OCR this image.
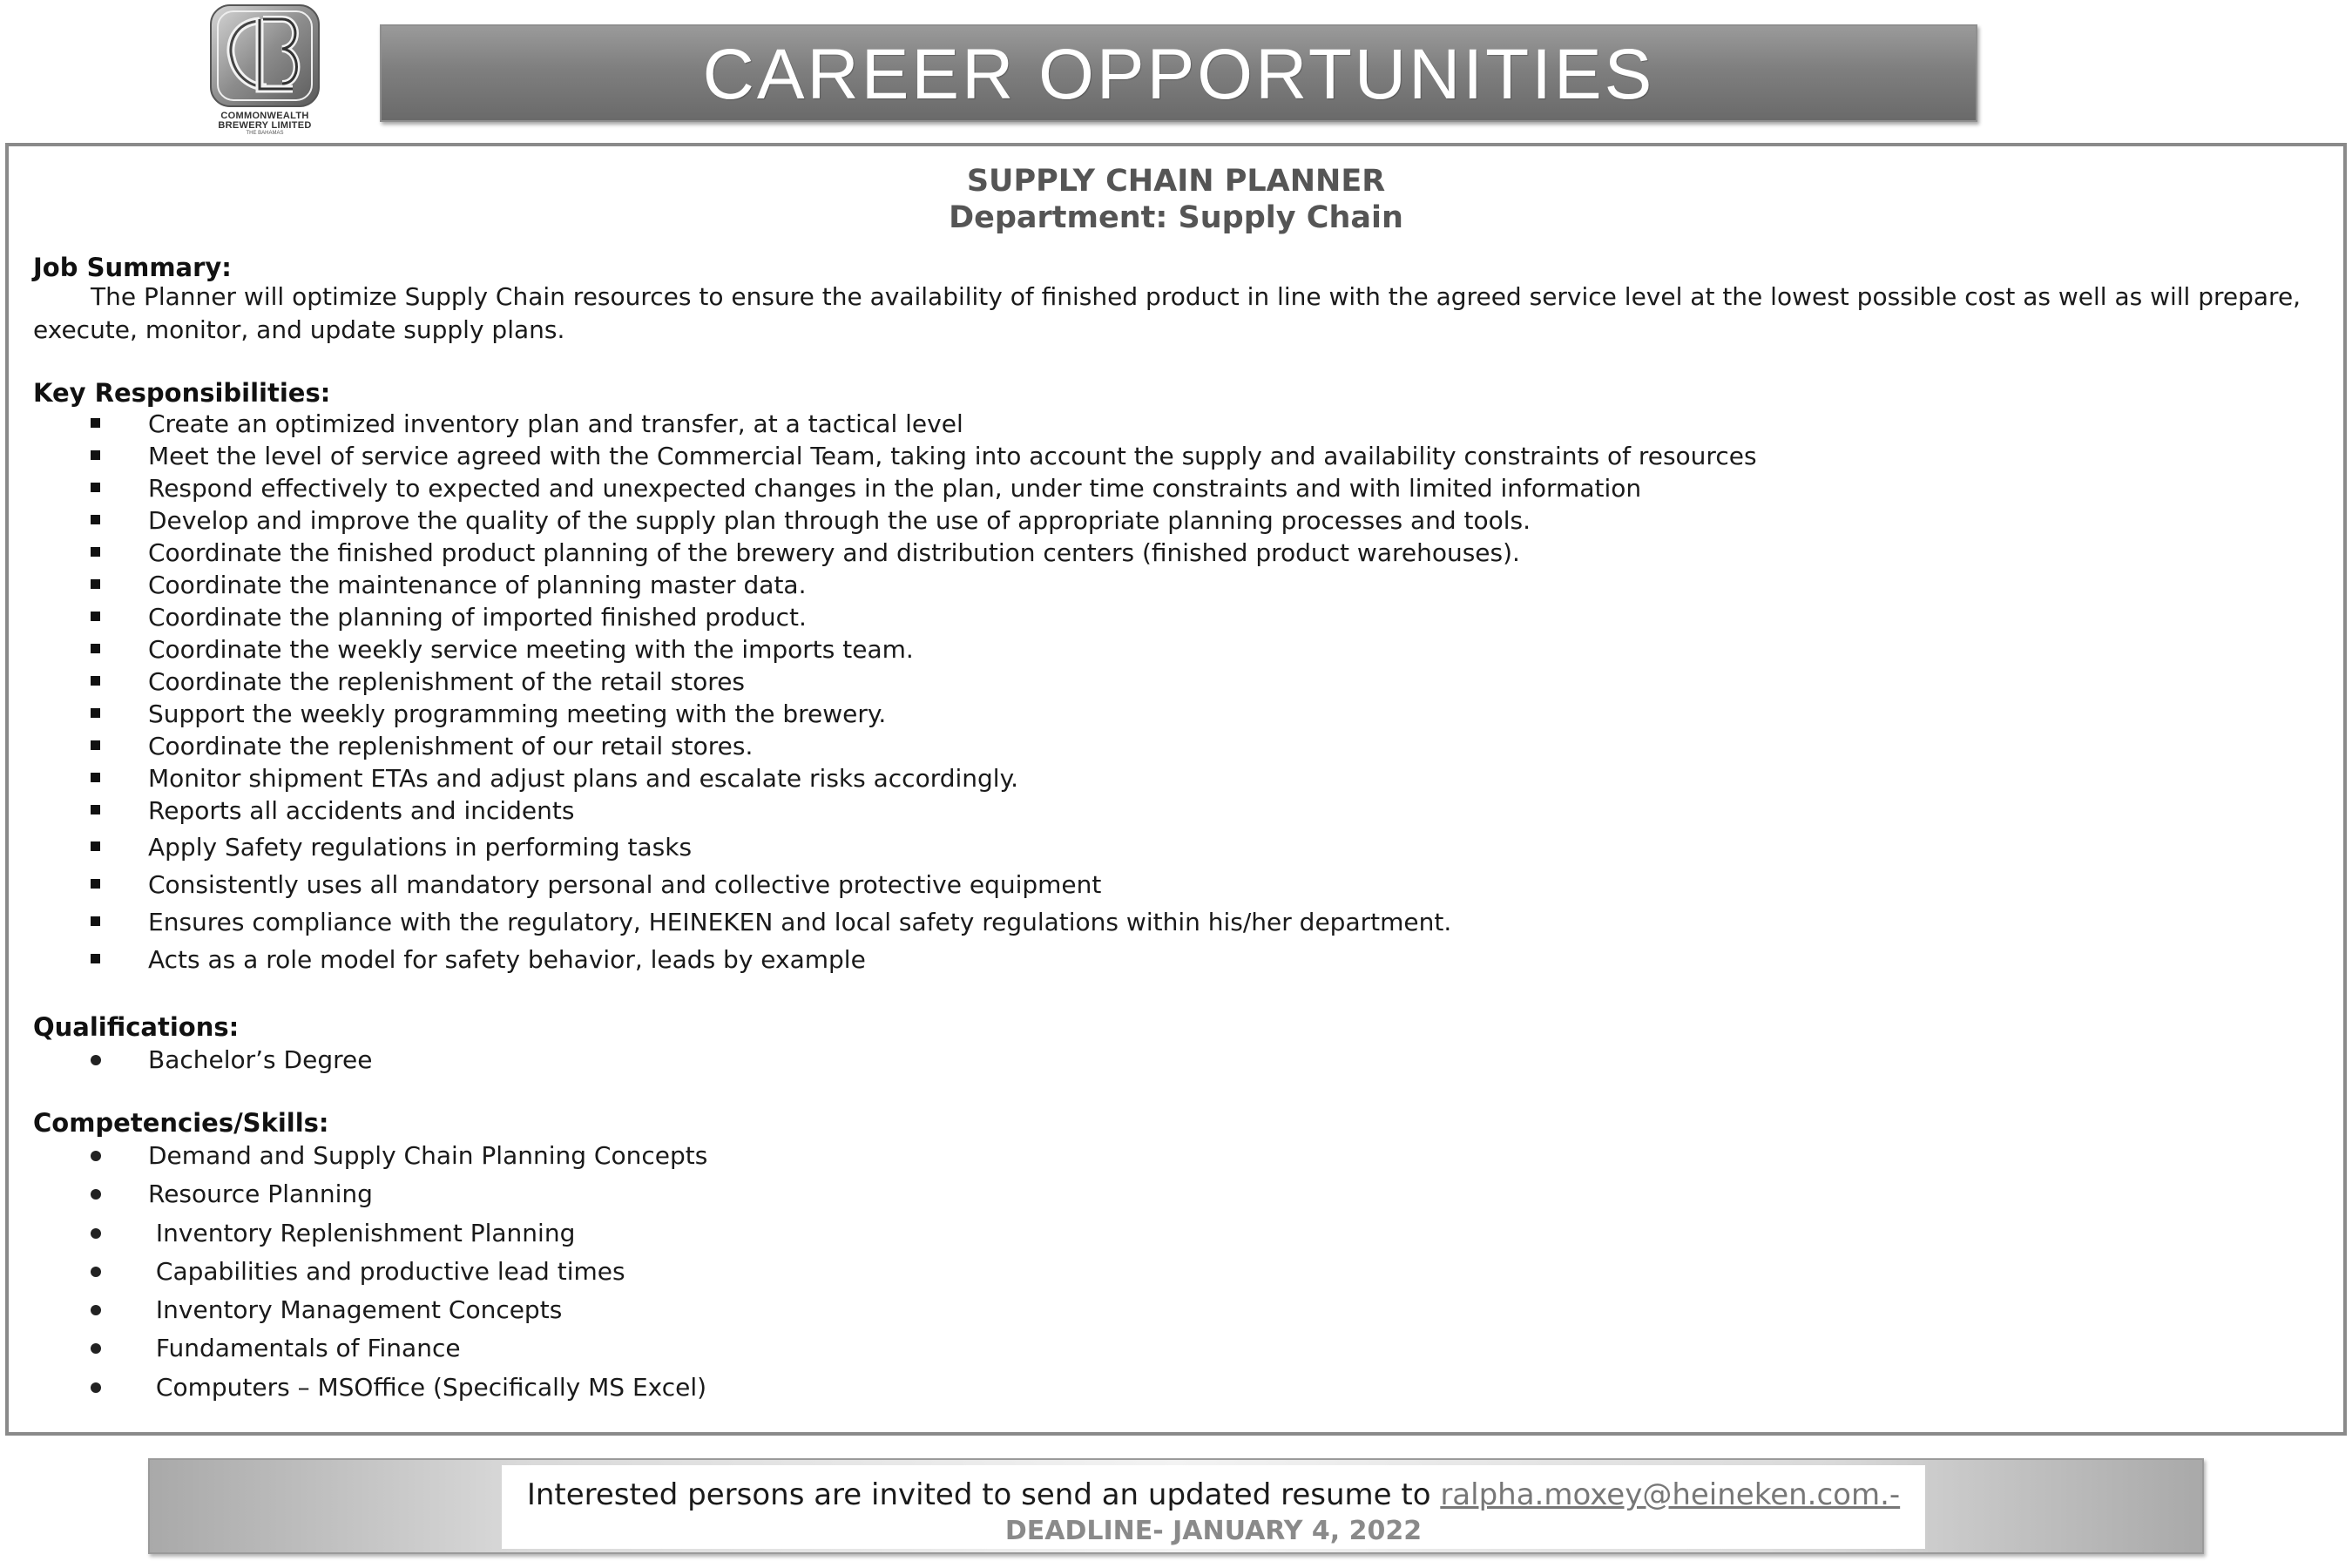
COMMONWEALTH
BREWERY LIMITED
THE BAHAMAS
CAREER OPPORTUNITIES
SUPPLY CHAIN PLANNER
Department: Supply Chain
Job Summary:
The Planner will optimize Supply Chain resources to ensure the availability of finished product in line with the agreed service level at the lowest possible cost as well as will prepare, execute, monitor, and update supply plans.
Key Responsibilities:
Create an optimized inventory plan and transfer, at a tactical level
Meet the level of service agreed with the Commercial Team, taking into account the supply and availability constraints of resources
Respond effectively to expected and unexpected changes in the plan, under time constraints and with limited information
Develop and improve the quality of the supply plan through the use of appropriate planning processes and tools.
Coordinate the finished product planning of the brewery and distribution centers (finished product warehouses).
Coordinate the maintenance of planning master data.
Coordinate the planning of imported finished product.
Coordinate the weekly service meeting with the imports team.
Coordinate the replenishment of the retail stores
Support the weekly programming meeting with the brewery.
Coordinate the replenishment of our retail stores.
Monitor shipment ETAs and adjust plans and escalate risks accordingly.
Reports all accidents and incidents
Apply Safety regulations in performing tasks
Consistently uses all mandatory personal and collective protective equipment
Ensures compliance with the regulatory, HEINEKEN and local safety regulations within his/her department.
Acts as a role model for safety behavior, leads by example
Qualifications:
Bachelor’s Degree
Competencies/Skills:
Demand and Supply Chain Planning Concepts
Resource Planning
Inventory Replenishment Planning
Capabilities and productive lead times
Inventory Management Concepts
Fundamentals of Finance
Computers – MSOffice (Specifically MS Excel)
Interested persons are invited to send an updated resume to ralpha.moxey@heineken.com.-
DEADLINE- JANUARY 4, 2022
